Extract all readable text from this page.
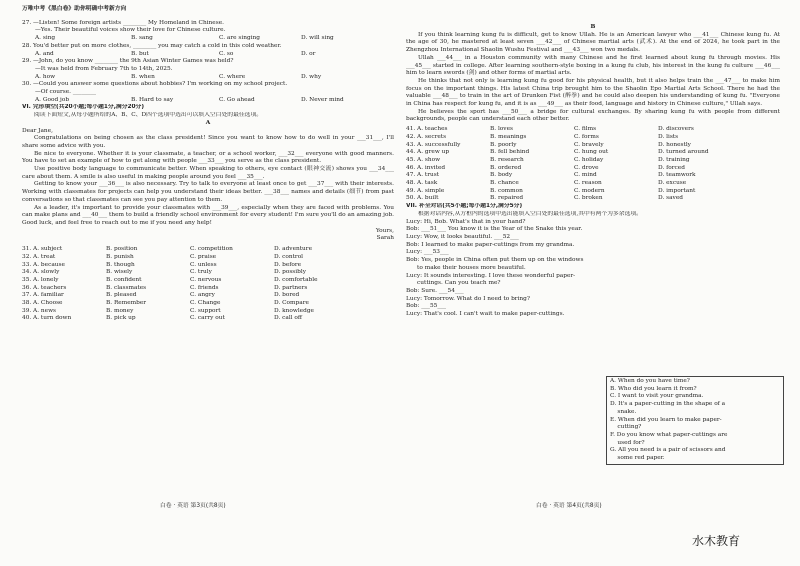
万唯中考《黑白卷》助你明确中考新方向
27. —Listen! Some foreign artists ________ My Homeland in Chinese.
—Yes. Their beautiful voices show their love for Chinese culture.
A. sing	B. sang	C. are singing	D. will sing
28. You'd better put on more clothes, ________ you may catch a cold in this cold weather.
A. and	B. but	C. so	D. or
29. —John, do you know ________ the 9th Asian Winter Games was held?
—It was held from February 7th to 14th, 2025.
A. how	B. when	C. where	D. why
30. —Could you answer some questions about hobbies? I'm working on my school project.
—Of course. ________
A. Good job	B. Hard to say	C. Go ahead	D. Never mind
VI. 完形填空(共20小题;每小题1分,满分20分)
阅读下面短文,从每小题所给的A、B、C、D四个选项中选出可以填入空白处的最佳选项。
A
Dear Jane,
Congratulations on being chosen as the class president! Since you want to know how to do well in your ___31___, I'll share some advice with you.
Be nice to everyone. Whether it is your classmate, a teacher, or a school worker, ___32___ everyone with good manners. You have to set an example of how to get along with people ___33___ you serve as the class president.
Use positive body language to communicate better. When speaking to others, eye contact (眼神交流) shows you ___34___ care about them. A smile is also useful in making people around you feel ___35___.
Getting to know your ___36___ is also necessary. Try to talk to everyone at least once to get ___37___ with their interests. Working with classmates for projects can help you understand their ideas better. ___38___ names and details (细节) from past conversations so that classmates can see you pay attention to them.
As a leader, it's important to provide your classmates with ___39___, especially when they are faced with problems. You can make plans and ___40___ them to build a friendly school environment for every student! I'm sure you'll do an amazing job. Good luck, and feel free to reach out to me if you need any help!
Yours,
Sarah
31. A. subject	B. position	C. competition	D. adventure
32. A. treat	B. punish	C. praise	D. control
33. A. because	B. though	C. unless	D. before
34. A. slowly	B. wisely	C. truly	D. possibly
35. A. lonely	B. confident	C. nervous	D. comfortable
36. A. teachers	B. classmates	C. friends	D. partners
37. A. familiar	B. pleased	C. angry	D. bored
38. A. Choose	B. Remember	C. Change	D. Compare
39. A. news	B. money	C. support	D. knowledge
40. A. turn down	B. pick up	C. carry out	D. call off
B
If you think learning kung fu is difficult, get to know Ullah. He is an American lawyer who ___41___ Chinese kung fu. At the age of 30, he mastered at least seven ___42___ of Chinese martial arts (武术). At the end of 2024, he took part in the Zhengzhou International Shaolin Wushu Festival and ___43___ won two medals.
Ullah ___44___ in a Houston community with many Chinese and he first learned about kung fu through movies. His ___45___ started in college. After learning southern-style boxing in a kung fu club, his interest in the kung fu culture ___46___ him to learn swords (剑) and other forms of martial arts.
He thinks that not only is learning kung fu good for his physical health, but it also helps train the ___47___ to make him focus on the important things. His latest China trip brought him to the Shaolin Epo Martial Arts School. There he had the valuable ___48___ to train in the art of Drunken Fist (醉拳) and he could also deepen his understanding of kung fu. "Everyone in China has respect for kung fu, and it is as ___49___ as their food, language and history in Chinese culture," Ullah says.
He believes the sport has ___50___ a bridge for cultural exchanges. By sharing kung fu with people from different backgrounds, people can understand each other better.
41. A. teaches	B. loves	C. films	D. discovers
42. A. secrets	B. meanings	C. forms	D. lists
43. A. successfully	B. poorly	C. bravely	D. honestly
44. A. grew up	B. fell behind	C. hung out	D. turned around
45. A. show	B. research	C. holiday	D. training
46. A. invited	B. ordered	C. drove	D. forced
47. A. trust	B. body	C. mind	D. teamwork
48. A. task	B. chance	C. reason	D. excuse
49. A. simple	B. common	C. modern	D. important
50. A. built	B. repaired	C. broken	D. saved
VII. 补全对话(共5小题;每小题1分,满分5分)
根据对话内容,从方框内的选项中选出能填入空白处的最佳选项,其中有两个为多余选项。
Lucy: Hi, Bob. What's that in your hand?
Bob: ___51___ You know it is the Year of the Snake this year.
Lucy: Wow, it looks beautiful. ___52___
Bob: I learned to make paper-cuttings from my grandma.
Lucy: ___53___
Bob: Yes, people in China often put them up on the windows
to make their houses more beautiful.
Lucy: It sounds interesting. I love these wonderful paper-
cuttings. Can you teach me?
Bob: Sure. ___54___
Lucy: Tomorrow. What do I need to bring?
Bob: ___55___
Lucy: That's cool. I can't wait to make paper-cuttings.
A. When do you have time?
B. Who did you learn it from?
C. I want to visit your grandma.
D. It's a paper-cutting in the shape of a
snake.
E. When did you learn to make paper-
cutting?
F. Do you know what paper-cuttings are
used for?
G. All you need is a pair of scissors and
some red paper.
白卷 · 英语 第3页(共8页)	白卷 · 英语 第4页(共8页)
水木教育
